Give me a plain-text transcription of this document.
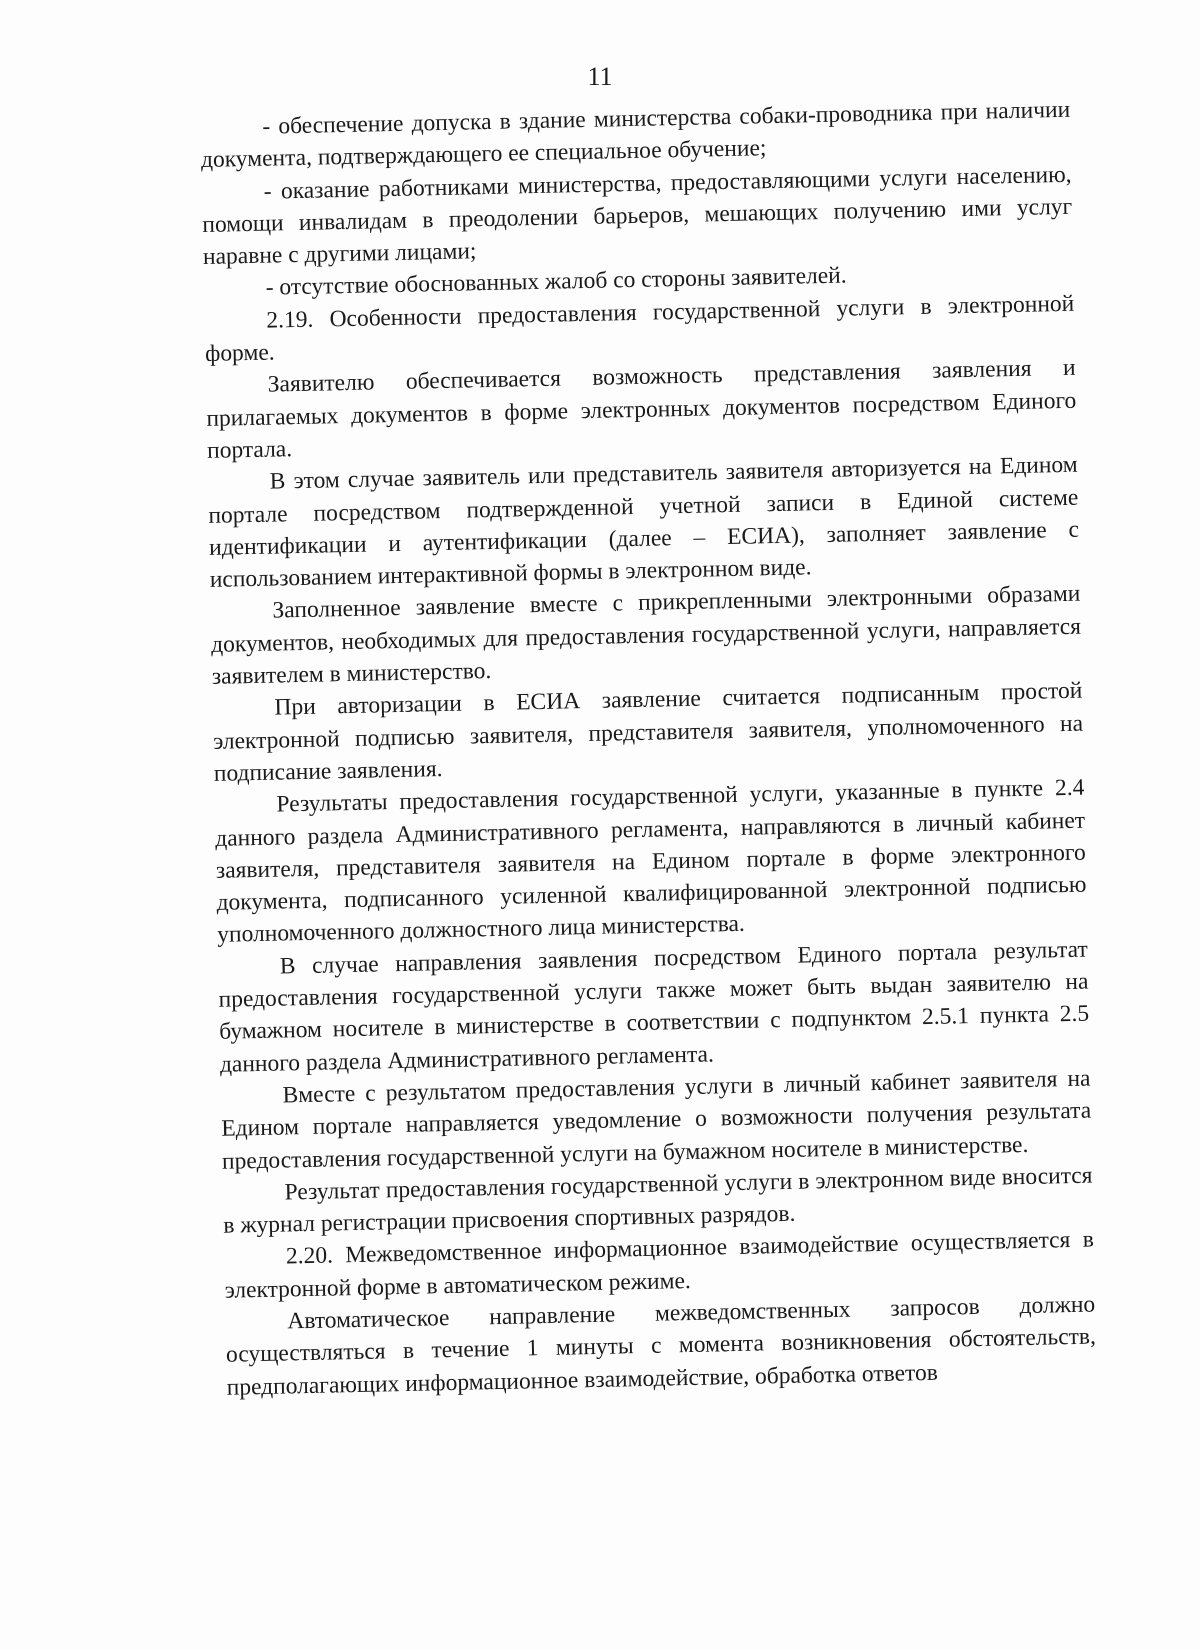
11

- обеспечение допуска в здание министерства собаки-проводника при наличии документа, подтверждающего ее специальное обучение;

- оказание работниками министерства, предоставляющими услуги населению, помощи инвалидам в преодолении барьеров, мешающих получению ими услуг наравне с другими лицами;

- отсутствие обоснованных жалоб со стороны заявителей.

2.19. Особенности предоставления государственной услуги в электронной форме.

Заявителю обеспечивается возможность представления заявления и прилагаемых документов в форме электронных документов посредством Единого портала.

В этом случае заявитель или представитель заявителя авторизуется на Едином портале посредством подтвержденной учетной записи в Единой системе идентификации и аутентификации (далее – ЕСИА), заполняет заявление с использованием интерактивной формы в электронном виде.

Заполненное заявление вместе с прикрепленными электронными образами документов, необходимых для предоставления государственной услуги, направляется заявителем в министерство.

При авторизации в ЕСИА заявление считается подписанным простой электронной подписью заявителя, представителя заявителя, уполномоченного на подписание заявления.

Результаты предоставления государственной услуги, указанные в пункте 2.4 данного раздела Административного регламента, направляются в личный кабинет заявителя, представителя заявителя на Едином портале в форме электронного документа, подписанного усиленной квалифицированной электронной подписью уполномоченного должностного лица министерства.

В случае направления заявления посредством Единого портала результат предоставления государственной услуги также может быть выдан заявителю на бумажном носителе в министерстве в соответствии с подпунктом 2.5.1 пункта 2.5 данного раздела Административного регламента.

Вместе с результатом предоставления услуги в личный кабинет заявителя на Едином портале направляется уведомление о возможности получения результата предоставления государственной услуги на бумажном носителе в министерстве.

Результат предоставления государственной услуги в электронном виде вносится в журнал регистрации присвоения спортивных разрядов.

2.20. Межведомственное информационное взаимодействие осуществляется в электронной форме в автоматическом режиме.

Автоматическое направление межведомственных запросов должно осуществляться в течение 1 минуты с момента возникновения обстоятельств, предполагающих информационное взаимодействие, обработка ответов
